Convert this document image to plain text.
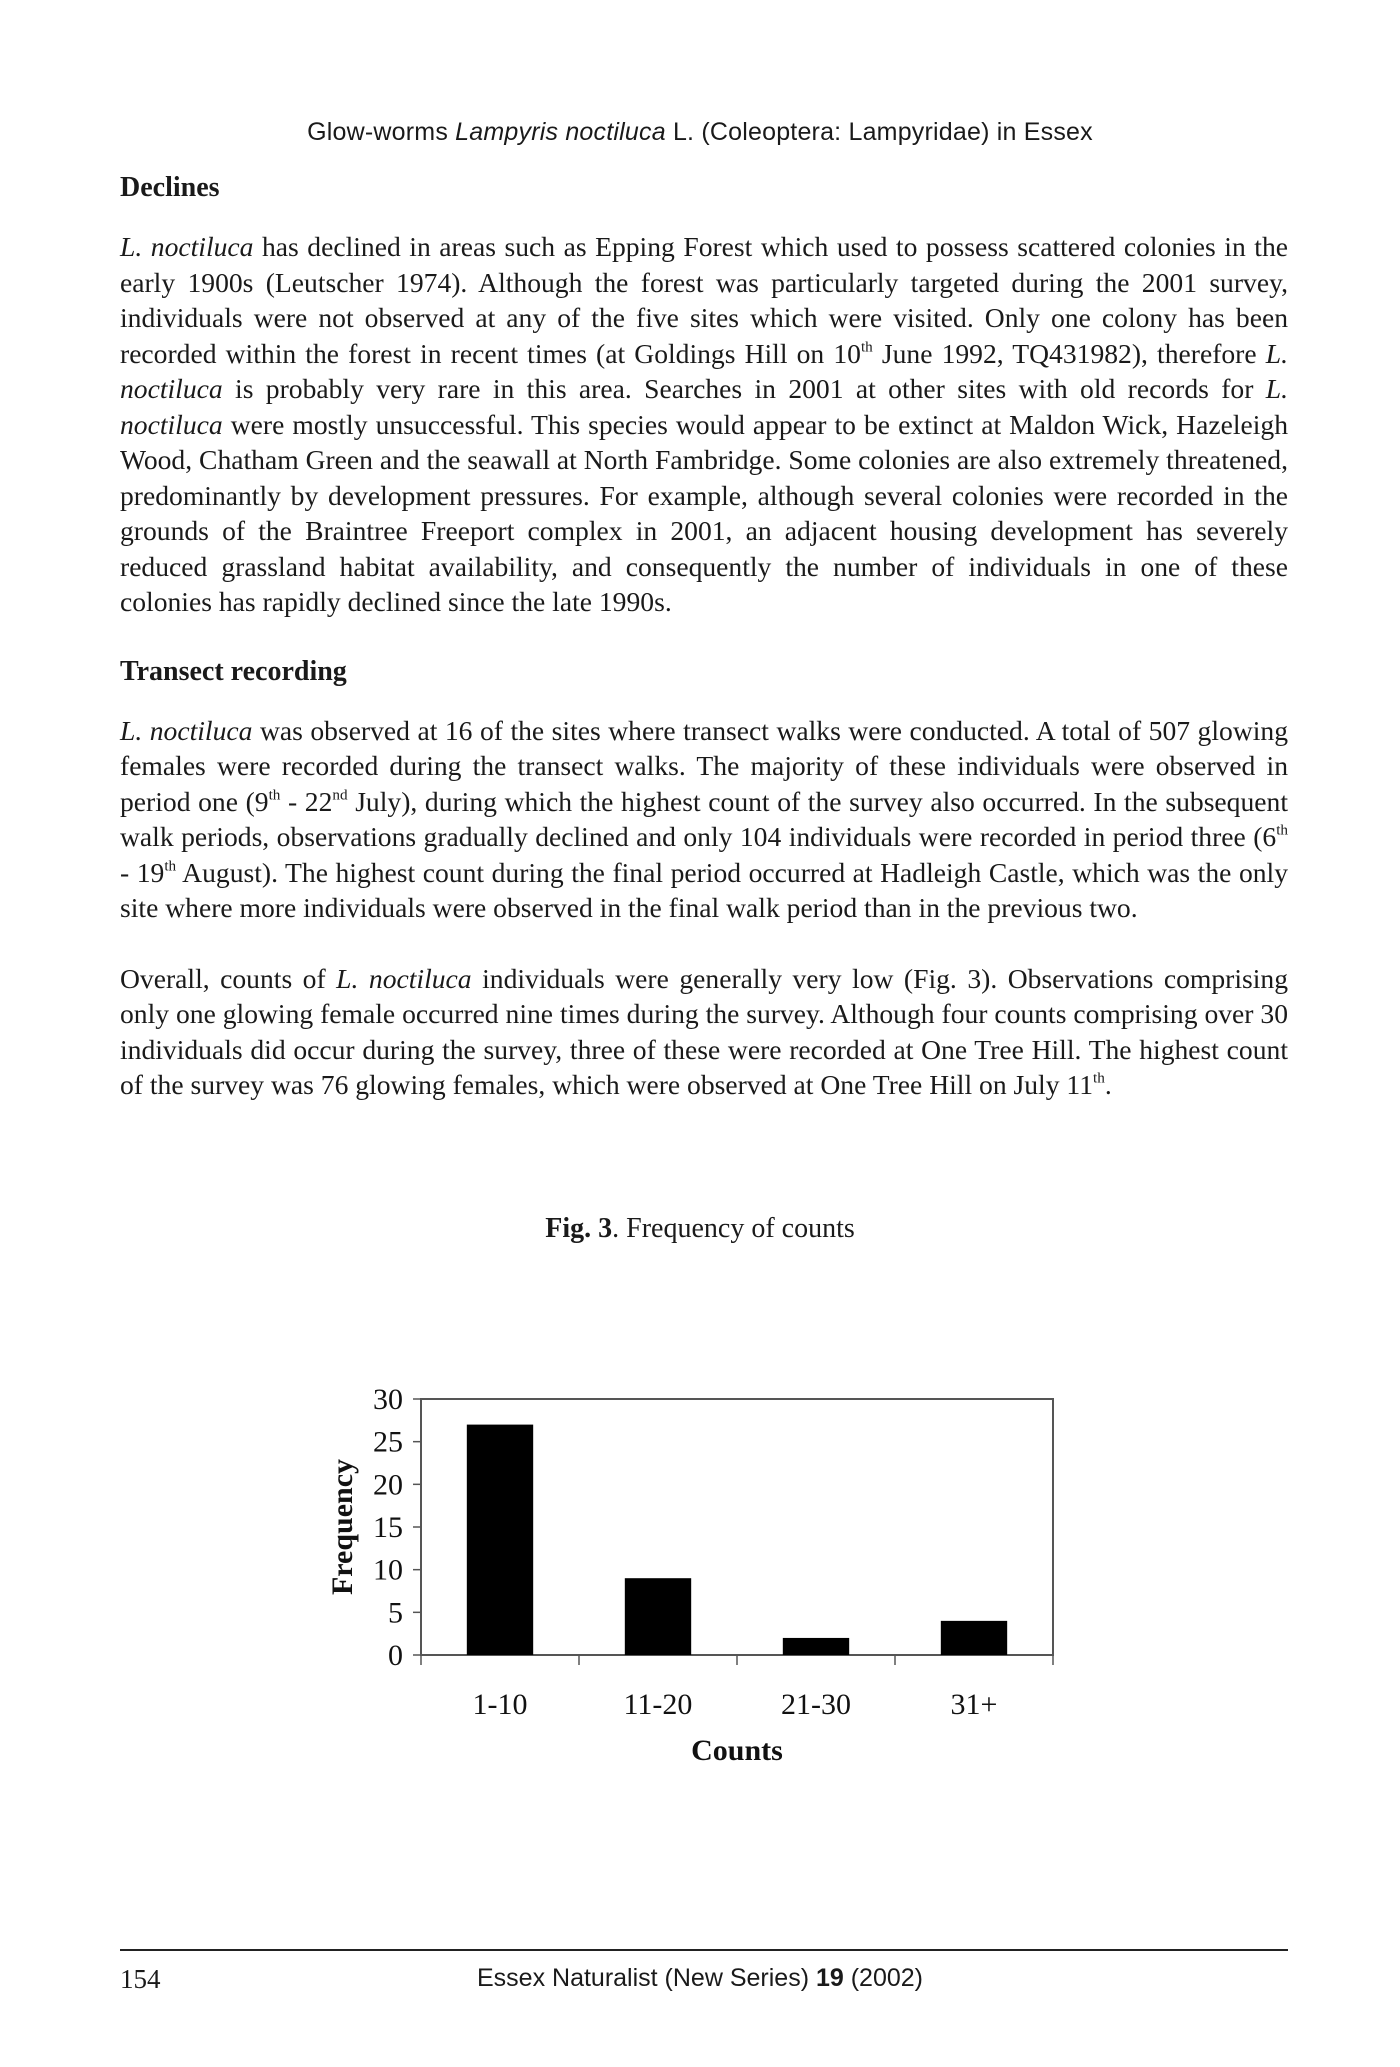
Glow-worms Lampyris noctiluca L. (Coleoptera: Lampyridae) in Essex
Declines

L. noctiluca has declined in areas such as Epping Forest which used to possess scattered colonies in the early 1900s (Leutscher 1974). Although the forest was particularly targeted during the 2001 survey, individuals were not observed at any of the five sites which were visited. Only one colony has been recorded within the forest in recent times (at Goldings Hill on 10th June 1992, TQ431982), therefore L. noctiluca is probably very rare in this area. Searches in 2001 at other sites with old records for L. noctiluca were mostly unsuccessful. This species would appear to be extinct at Maldon Wick, Hazeleigh Wood, Chatham Green and the seawall at North Fambridge. Some colonies are also extremely threatened, predominantly by development pressures. For example, although several colonies were recorded in the grounds of the Braintree Freeport complex in 2001, an adjacent housing development has severely reduced grassland habitat availability, and consequently the number of individuals in one of these colonies has rapidly declined since the late 1990s.

Transect recording

L. noctiluca was observed at 16 of the sites where transect walks were conducted. A total of 507 glowing females were recorded during the transect walks. The majority of these individuals were observed in period one (9th - 22nd July), during which the highest count of the survey also occurred. In the subsequent walk periods, observations gradually declined and only 104 individuals were recorded in period three (6th - 19th August). The highest count during the final period occurred at Hadleigh Castle, which was the only site where more individuals were observed in the final walk period than in the previous two.

Overall, counts of L. noctiluca individuals were generally very low (Fig. 3). Observations comprising only one glowing female occurred nine times during the survey. Although four counts comprising over 30 individuals did occur during the survey, three of these were recorded at One Tree Hill. The highest count of the survey was 76 glowing females, which were observed at One Tree Hill on July 11th.

Fig. 3. Frequency of counts
0
5
10
15
20
25
30
1-10	11-20	21-30	31+
Counts
Frequency
154	Essex Naturalist (New Series) 19 (2002)
